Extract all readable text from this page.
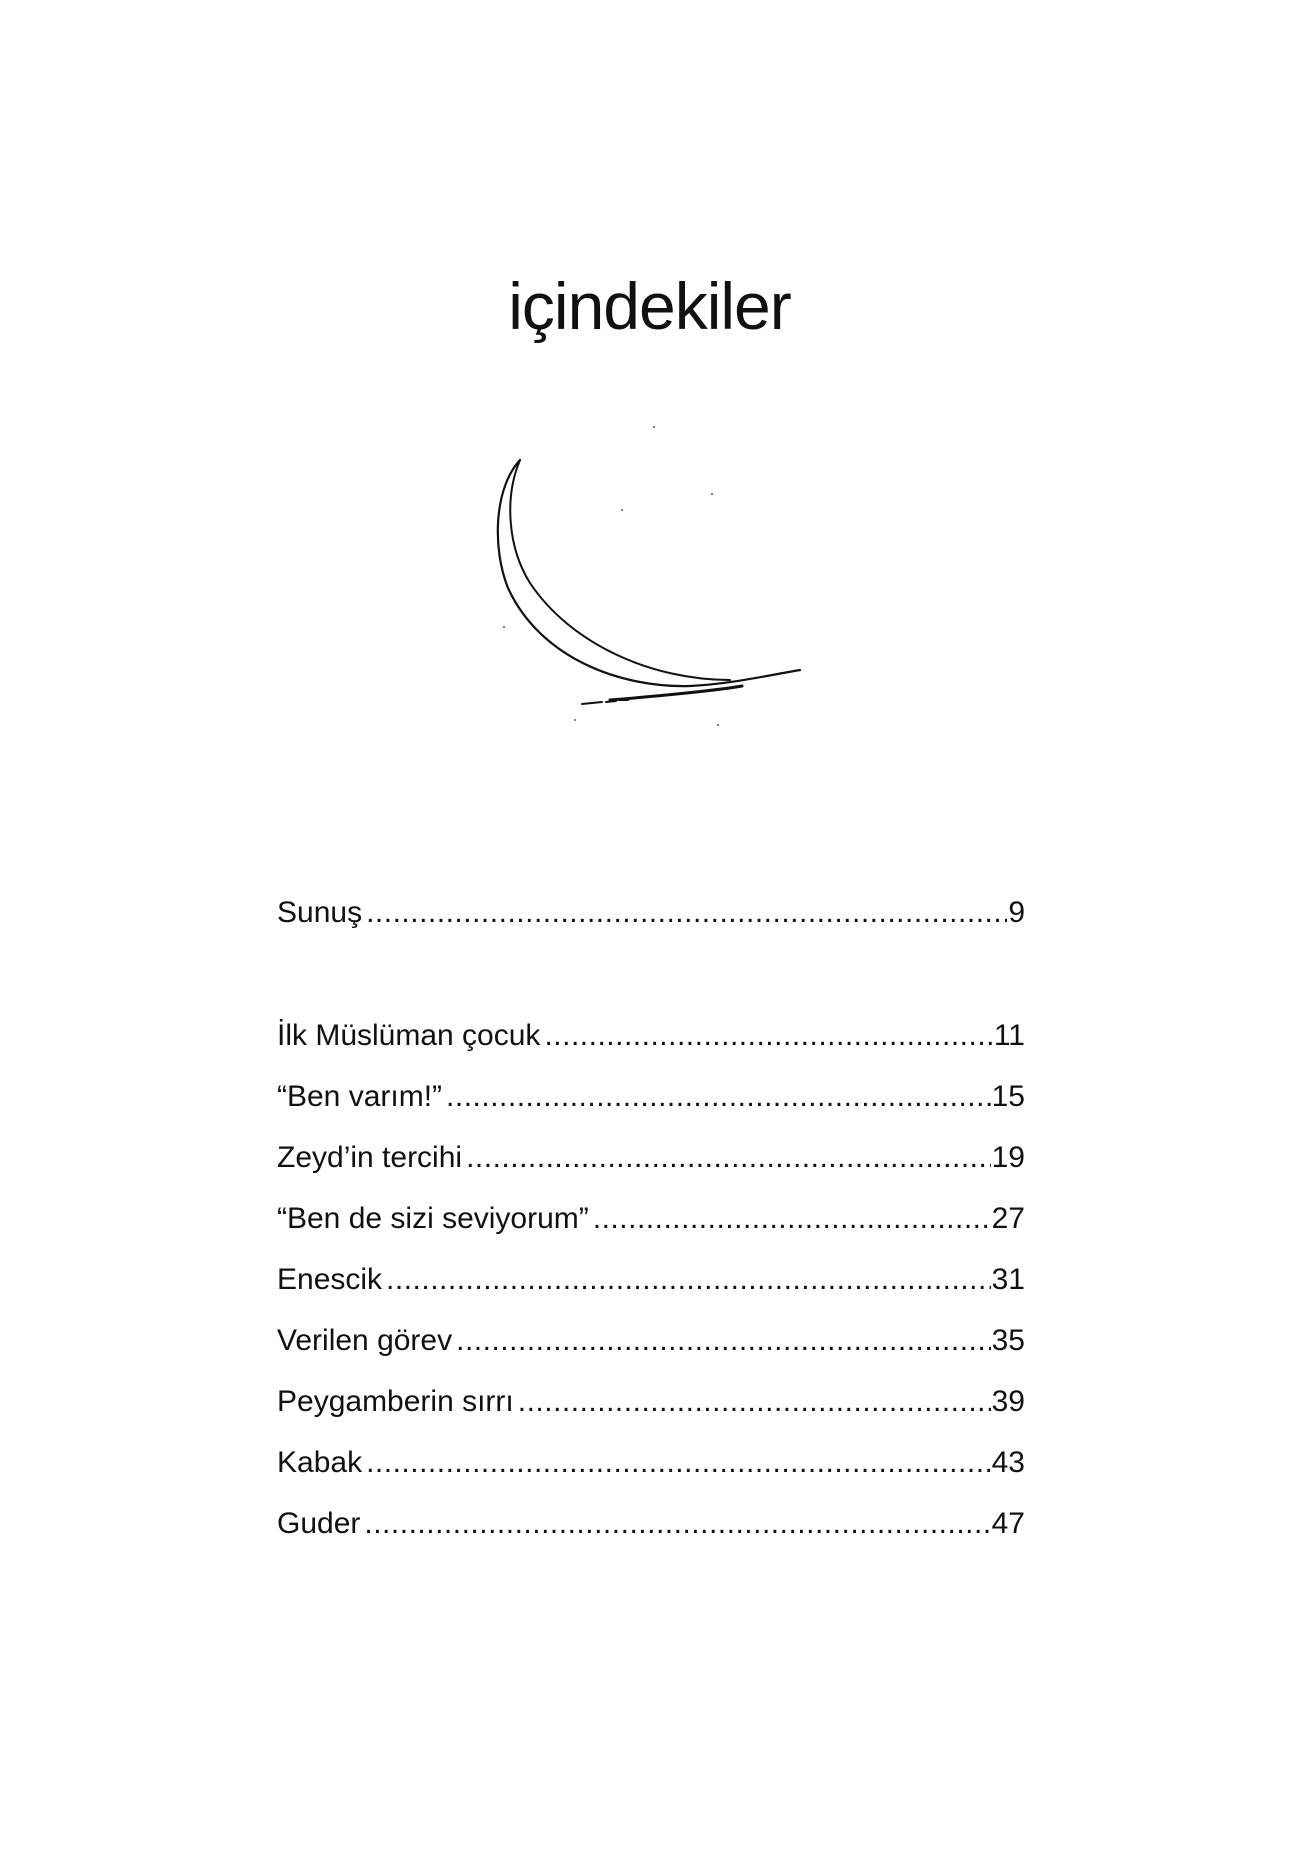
içindekiler
Sunuş .....	9
İlk Müslüman çocuk .....	11
“Ben varım!” .....	15
Zeyd’in tercihi .....	19
“Ben de sizi seviyorum” .....	27
Enescik .....	31
Verilen görev .....	35
Peygamberin sırrı .....	39
Kabak .....	43
Guder .....	47
